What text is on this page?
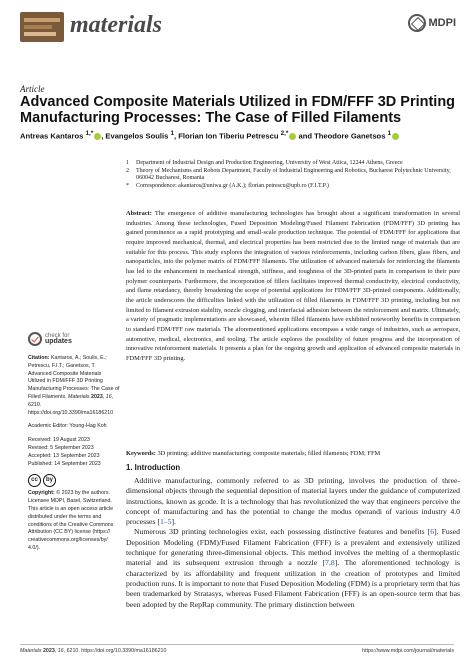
materials	MDPI
Article
Advanced Composite Materials Utilized in FDM/FFF 3D Printing Manufacturing Processes: The Case of Filled Filaments
Antreas Kantaros $^{1,*}$ , Evangelos Soulis $^1$, Florian Ion Tiberiu Petrescu $^{2,*}$ and Theodore Ganetsos $^1$
1	Department of Industrial Design and Production Engineering, University of West Attica, 12244 Athens, Greece
2	Theory of Mechanisms and Robots Department, Faculty of Industrial Engineering and Robotics, Bucharest Polytechnic University, 060042 Bucharest, Romania
*	Correspondence: akantaros@uniwa.gr (A.K.); florian.petrescu@upb.ro (F.I.T.P.)
Abstract: The emergence of additive manufacturing technologies has brought about a significant transformation in several industries. Among these technologies, Fused Deposition Modeling/Fused Filament Fabrication (FDM/FFF) 3D printing has gained prominence as a rapid prototyping and small-scale production technique. The potential of FDM/FFF for applications that require improved mechanical, thermal, and electrical properties has been restricted due to the limited range of materials that are suitable for this process. This study explores the integration of various reinforcements, including carbon fibers, glass fibers, and nanoparticles, into the polymer matrix of FDM/FFF filaments. The utilization of advanced materials for reinforcing the filaments has led to the enhancement in mechanical strength, stiffness, and toughness of the 3D-printed parts in comparison to their pure polymer counterparts. Furthermore, the incorporation of fillers facilitates improved thermal conductivity, electrical conductivity, and flame retardancy, thereby broadening the scope of potential applications for FDM/FFF 3D-printed components. Additionally, the article underscores the difficulties linked with the utilization of filled filaments in FDM/FFF 3D printing, including but not limited to filament extrusion stability, nozzle clogging, and interfacial adhesion between the reinforcement and matrix. Ultimately, a variety of pragmatic implementations are showcased, wherein filled filaments have exhibited noteworthy benefits in comparison to standard FDM/FFF raw materials. The aforementioned applications encompass a wide range of industries, such as aerospace, automotive, medical, electronics, and tooling. The article explores the possibility of future progress and the incorporation of innovative reinforcement materials. It presents a plan for the ongoing growth and application of advanced composite materials in FDM/FFF 3D printing.
Keywords: 3D printing; additive manufacturing; composite materials; filled filaments; FDM; FFM
check for
updates
Citation: Kantaros, A.; Soulis, E.; Petrescu, F.I.T.; Ganetsos, T. Advanced Composite Materials Utilized in FDM/FFF 3D Printing Manufacturing Processes: The Case of Filled Filaments. Materials 2023, 16, 6210. https://doi.org/10.3390/ma16186210
Academic Editor: Young-Hag Koh
Received: 19 August 2023
Revised: 5 September 2023
Accepted: 13 September 2023
Published: 14 September 2023
cc	by
Copyright: © 2023 by the authors. Licensee MDPI, Basel, Switzerland. This article is an open access article distributed under the terms and conditions of the Creative Commons Attribution (CC BY) license (https:// creativecommons.org/licenses/by/ 4.0/).
1. Introduction

Additive manufacturing, commonly referred to as 3D printing, involves the production of three-dimensional objects through the sequential deposition of material layers under the guidance of computerized instructions, known as gcode. It is a technology that has revolutionized the way that engineers perceive the concept of manufacturing and has the potential to change the modus operandi of various industry 4.0 processes [1–5].

Numerous 3D printing technologies exist, each possessing distinctive features and benefits [6]. Fused Deposition Modeling (FDM)/Fused Filament Fabrication (FFF) is a prevalent and extensively utilized technique for generating three-dimensional objects. This method involves the melting of a thermoplastic material and its subsequent extrusion through a nozzle [7,8]. The aforementioned technology is characterized by its affordability and frequent utilization in the creation of prototypes and limited production runs. It is important to note that Fused Deposition Modeling (FDM) is a proprietary term that has been trademarked by Stratasys, whereas Fused Filament Fabrication (FFF) is an open-source term that has been adopted by the RepRap community. The primary distinction between

Materials 2023, 16, 6210. https://doi.org/10.3390/ma16186210	https://www.mdpi.com/journal/materials
